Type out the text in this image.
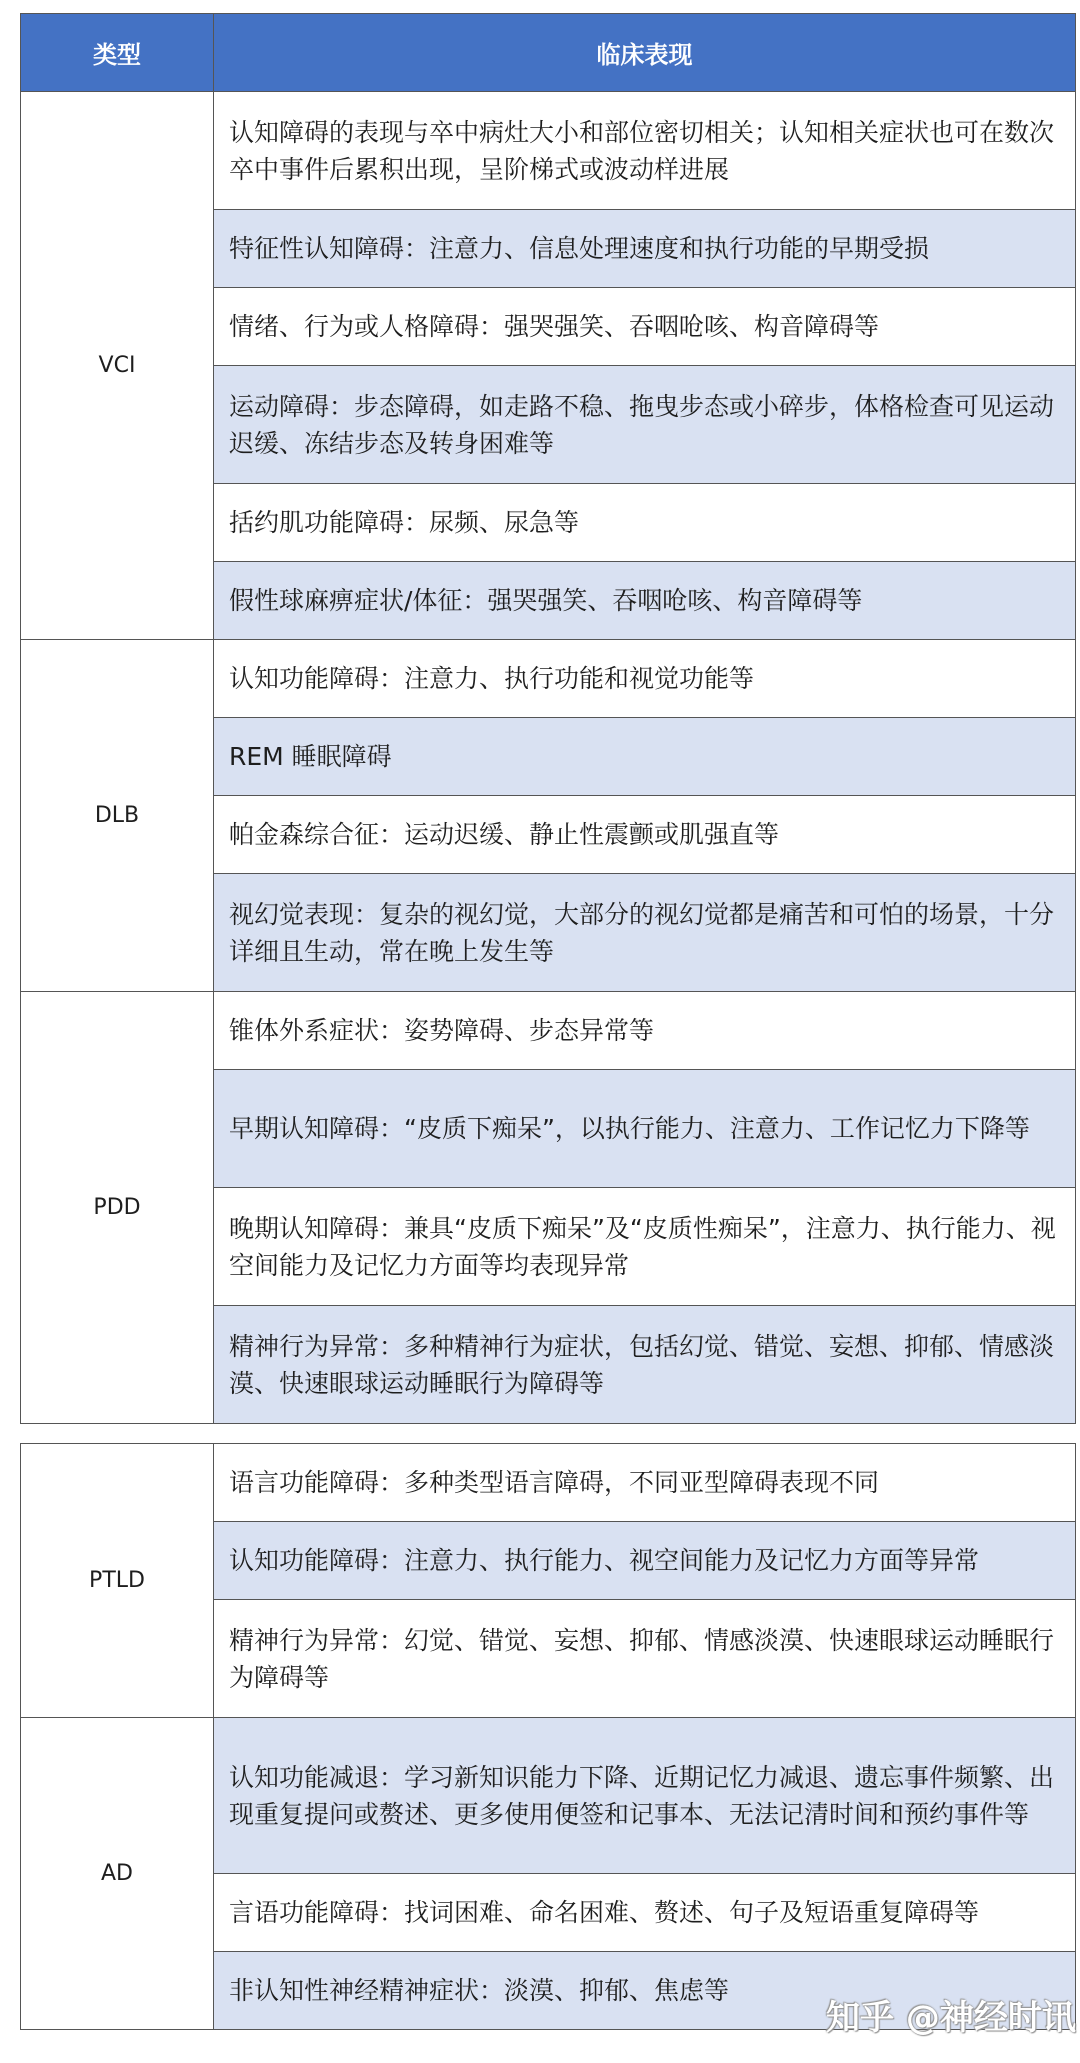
类型	临床表现
VCI	认知障碍的表现与卒中病灶大小和部位密切相关；认知相关症状也可在数次卒中事件后累积出现，呈阶梯式或波动样进展
	特征性认知障碍：注意力、信息处理速度和执行功能的早期受损
	情绪、行为或人格障碍：强哭强笑、吞咽呛咳、构音障碍等
	运动障碍：步态障碍，如走路不稳、拖曳步态或小碎步，体格检查可见运动迟缓、冻结步态及转身困难等
	括约肌功能障碍：尿频、尿急等
	假性球麻痹症状/体征：强哭强笑、吞咽呛咳、构音障碍等
DLB	认知功能障碍：注意力、执行功能和视觉功能等
	REM 睡眠障碍
	帕金森综合征：运动迟缓、静止性震颤或肌强直等
	视幻觉表现：复杂的视幻觉，大部分的视幻觉都是痛苦和可怕的场景，十分详细且生动，常在晚上发生等
PDD	锥体外系症状：姿势障碍、步态异常等
	早期认知障碍：“皮质下痴呆”，以执行能力、注意力、工作记忆力下降等
	晚期认知障碍：兼具“皮质下痴呆”及“皮质性痴呆”，注意力、执行能力、视空间能力及记忆力方面等均表现异常
	精神行为异常：多种精神行为症状，包括幻觉、错觉、妄想、抑郁、情感淡漠、快速眼球运动睡眠行为障碍等
PTLD	语言功能障碍：多种类型语言障碍，不同亚型障碍表现不同
	认知功能障碍：注意力、执行能力、视空间能力及记忆力方面等异常
	精神行为异常：幻觉、错觉、妄想、抑郁、情感淡漠、快速眼球运动睡眠行为障碍等
AD	认知功能减退：学习新知识能力下降、近期记忆力减退、遗忘事件频繁、出现重复提问或赘述、更多使用便签和记事本、无法记清时间和预约事件等
	言语功能障碍：找词困难、命名困难、赘述、句子及短语重复障碍等
	非认知性神经精神症状：淡漠、抑郁、焦虑等
知乎 @神经时讯
